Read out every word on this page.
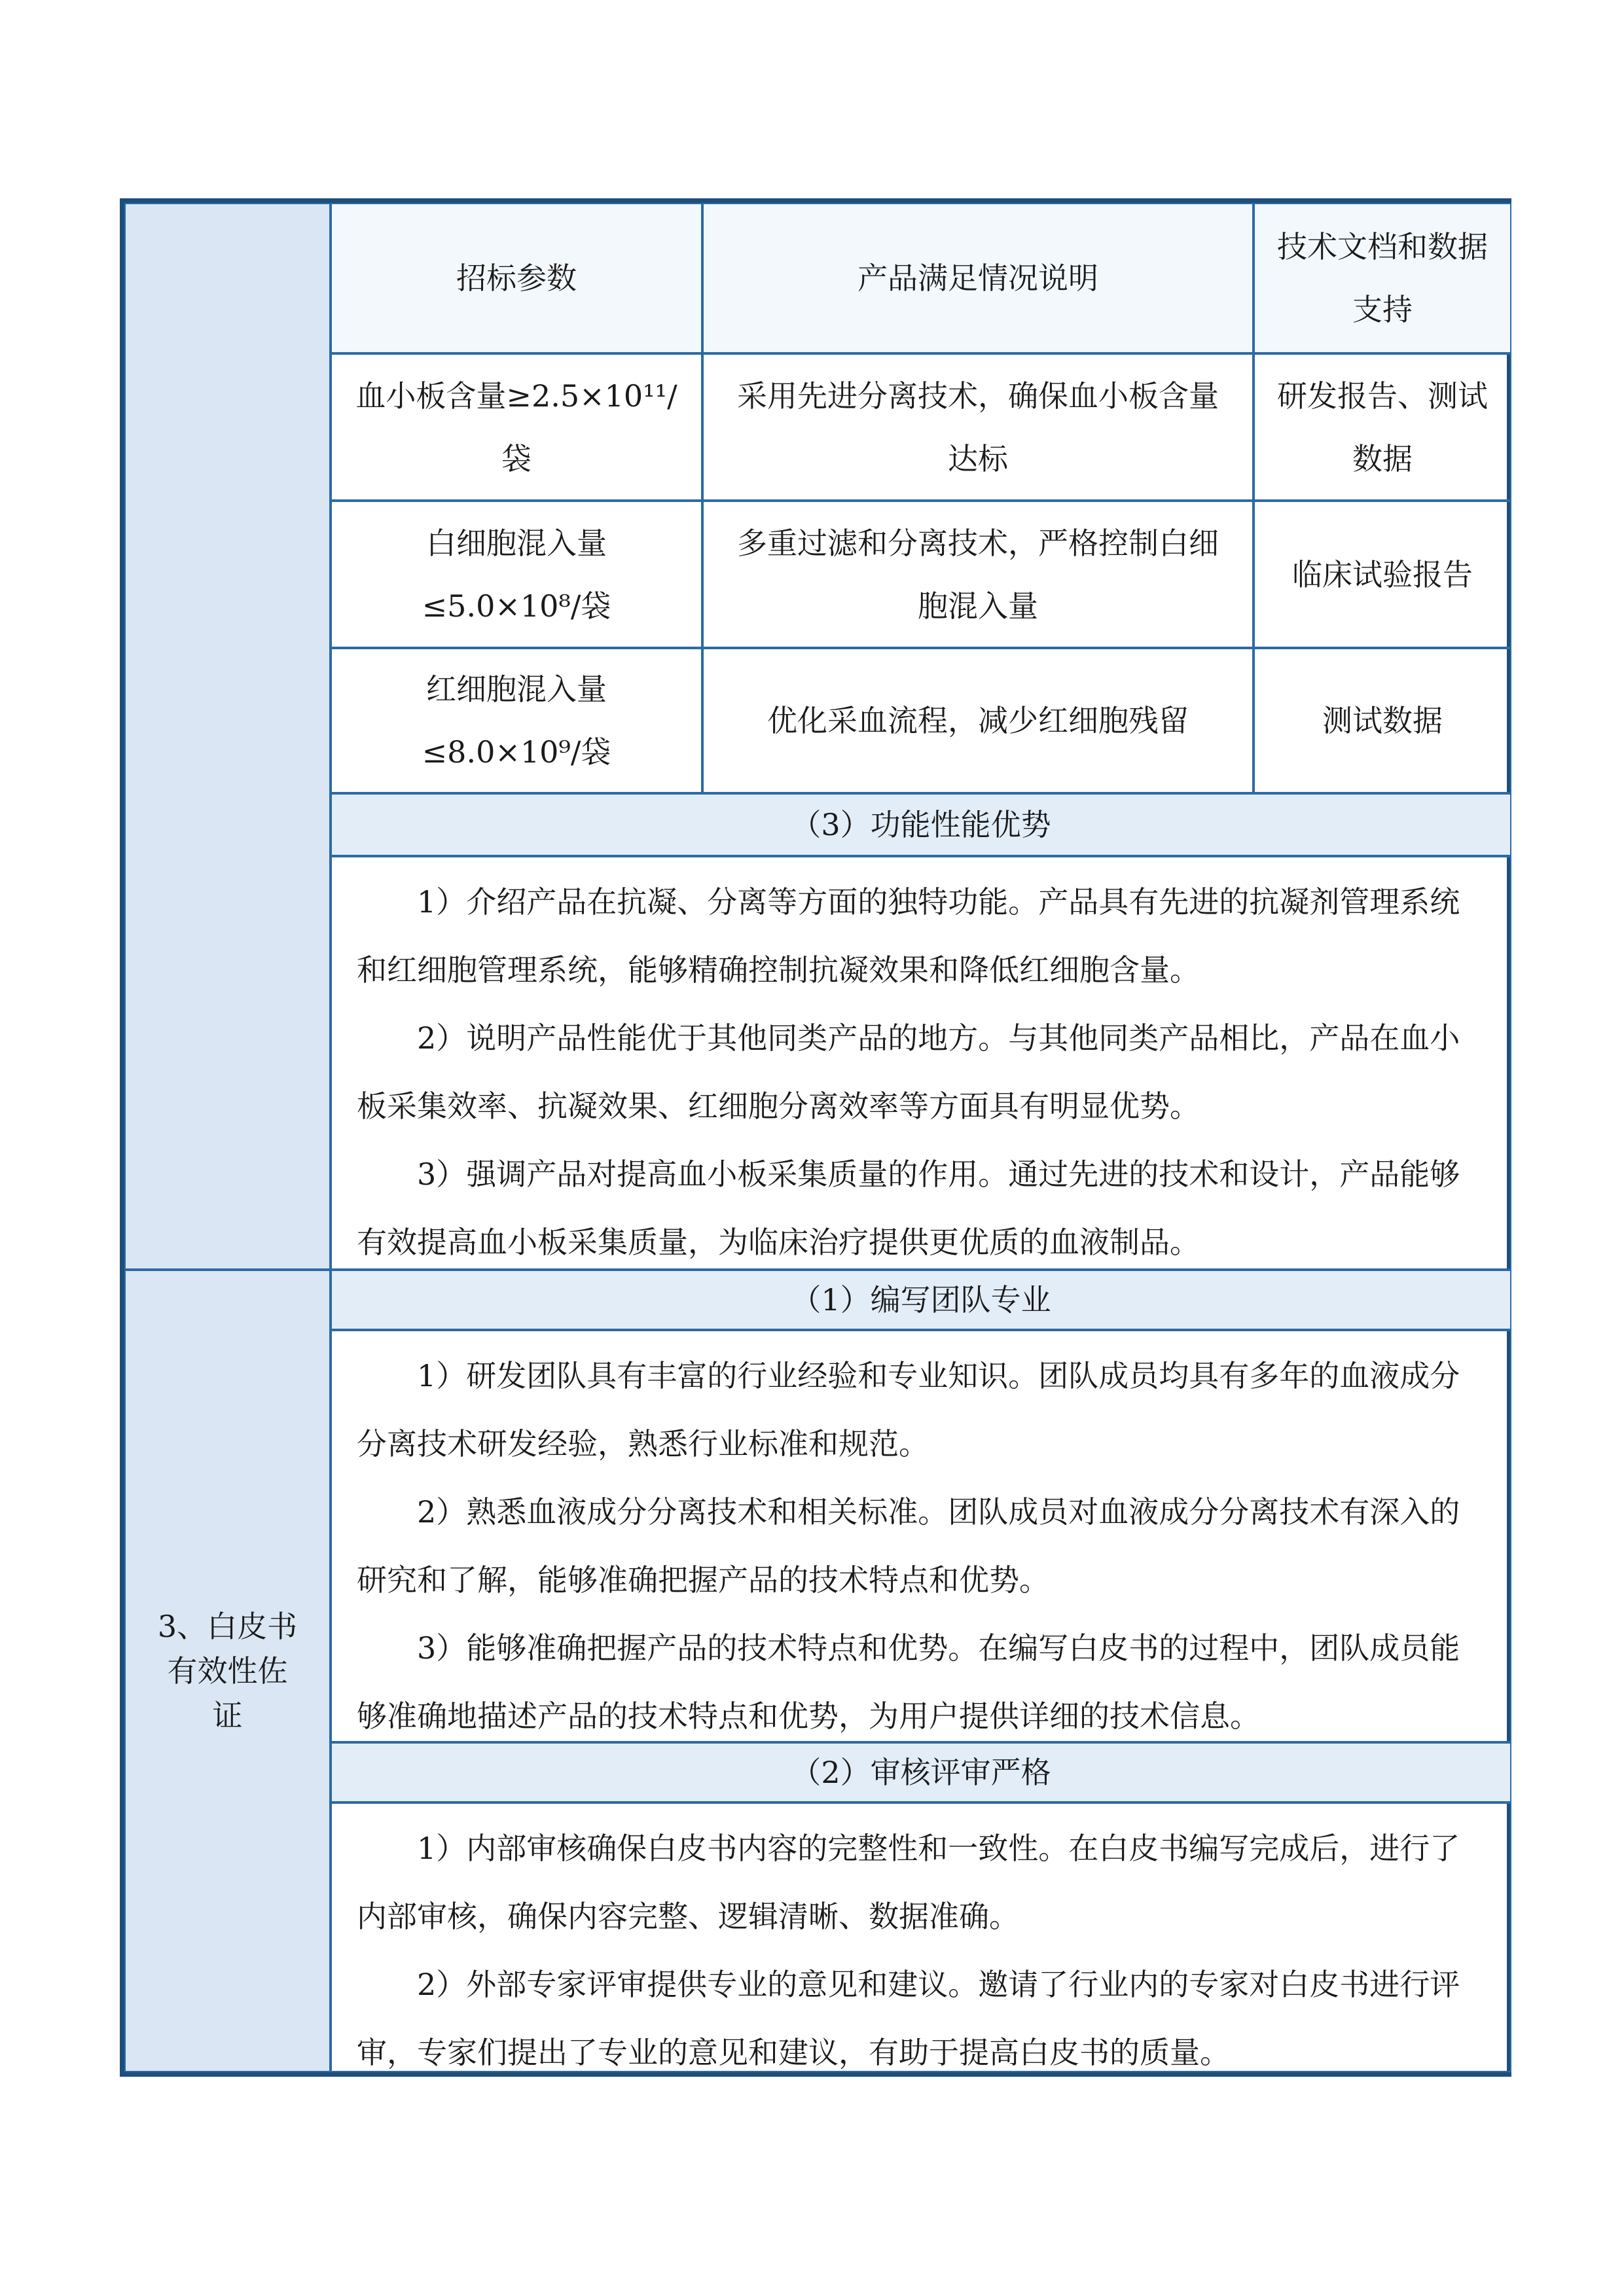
3、白皮书
有效性佐
证
招标参数	产品满足情况说明
技术文档和数据
支持
血小板含量≥2.5×10¹¹/
袋
采用先进分离技术，确保血小板含量
达标
研发报告、测试
数据
白细胞混入量
≤5.0×10⁸/袋
多重过滤和分离技术，严格控制白细
胞混入量
临床试验报告
红细胞混入量
≤8.0×10⁹/袋
优化采血流程，减少红细胞残留	测试数据
（3）功能性能优势

1）介绍产品在抗凝、分离等方面的独特功能。产品具有先进的抗凝剂管理系统和红细胞管理系统，能够精确控制抗凝效果和降低红细胞含量。

2）说明产品性能优于其他同类产品的地方。与其他同类产品相比，产品在血小板采集效率、抗凝效果、红细胞分离效率等方面具有明显优势。

3）强调产品对提高血小板采集质量的作用。通过先进的技术和设计，产品能够有效提高血小板采集质量，为临床治疗提供更优质的血液制品。

（1）编写团队专业

1）研发团队具有丰富的行业经验和专业知识。团队成员均具有多年的血液成分分离技术研发经验，熟悉行业标准和规范。

2）熟悉血液成分分离技术和相关标准。团队成员对血液成分分离技术有深入的研究和了解，能够准确把握产品的技术特点和优势。

3）能够准确把握产品的技术特点和优势。在编写白皮书的过程中，团队成员能够准确地描述产品的技术特点和优势，为用户提供详细的技术信息。

（2）审核评审严格

1）内部审核确保白皮书内容的完整性和一致性。在白皮书编写完成后，进行了内部审核，确保内容完整、逻辑清晰、数据准确。

2）外部专家评审提供专业的意见和建议。邀请了行业内的专家对白皮书进行评审，专家们提出了专业的意见和建议，有助于提高白皮书的质量。
